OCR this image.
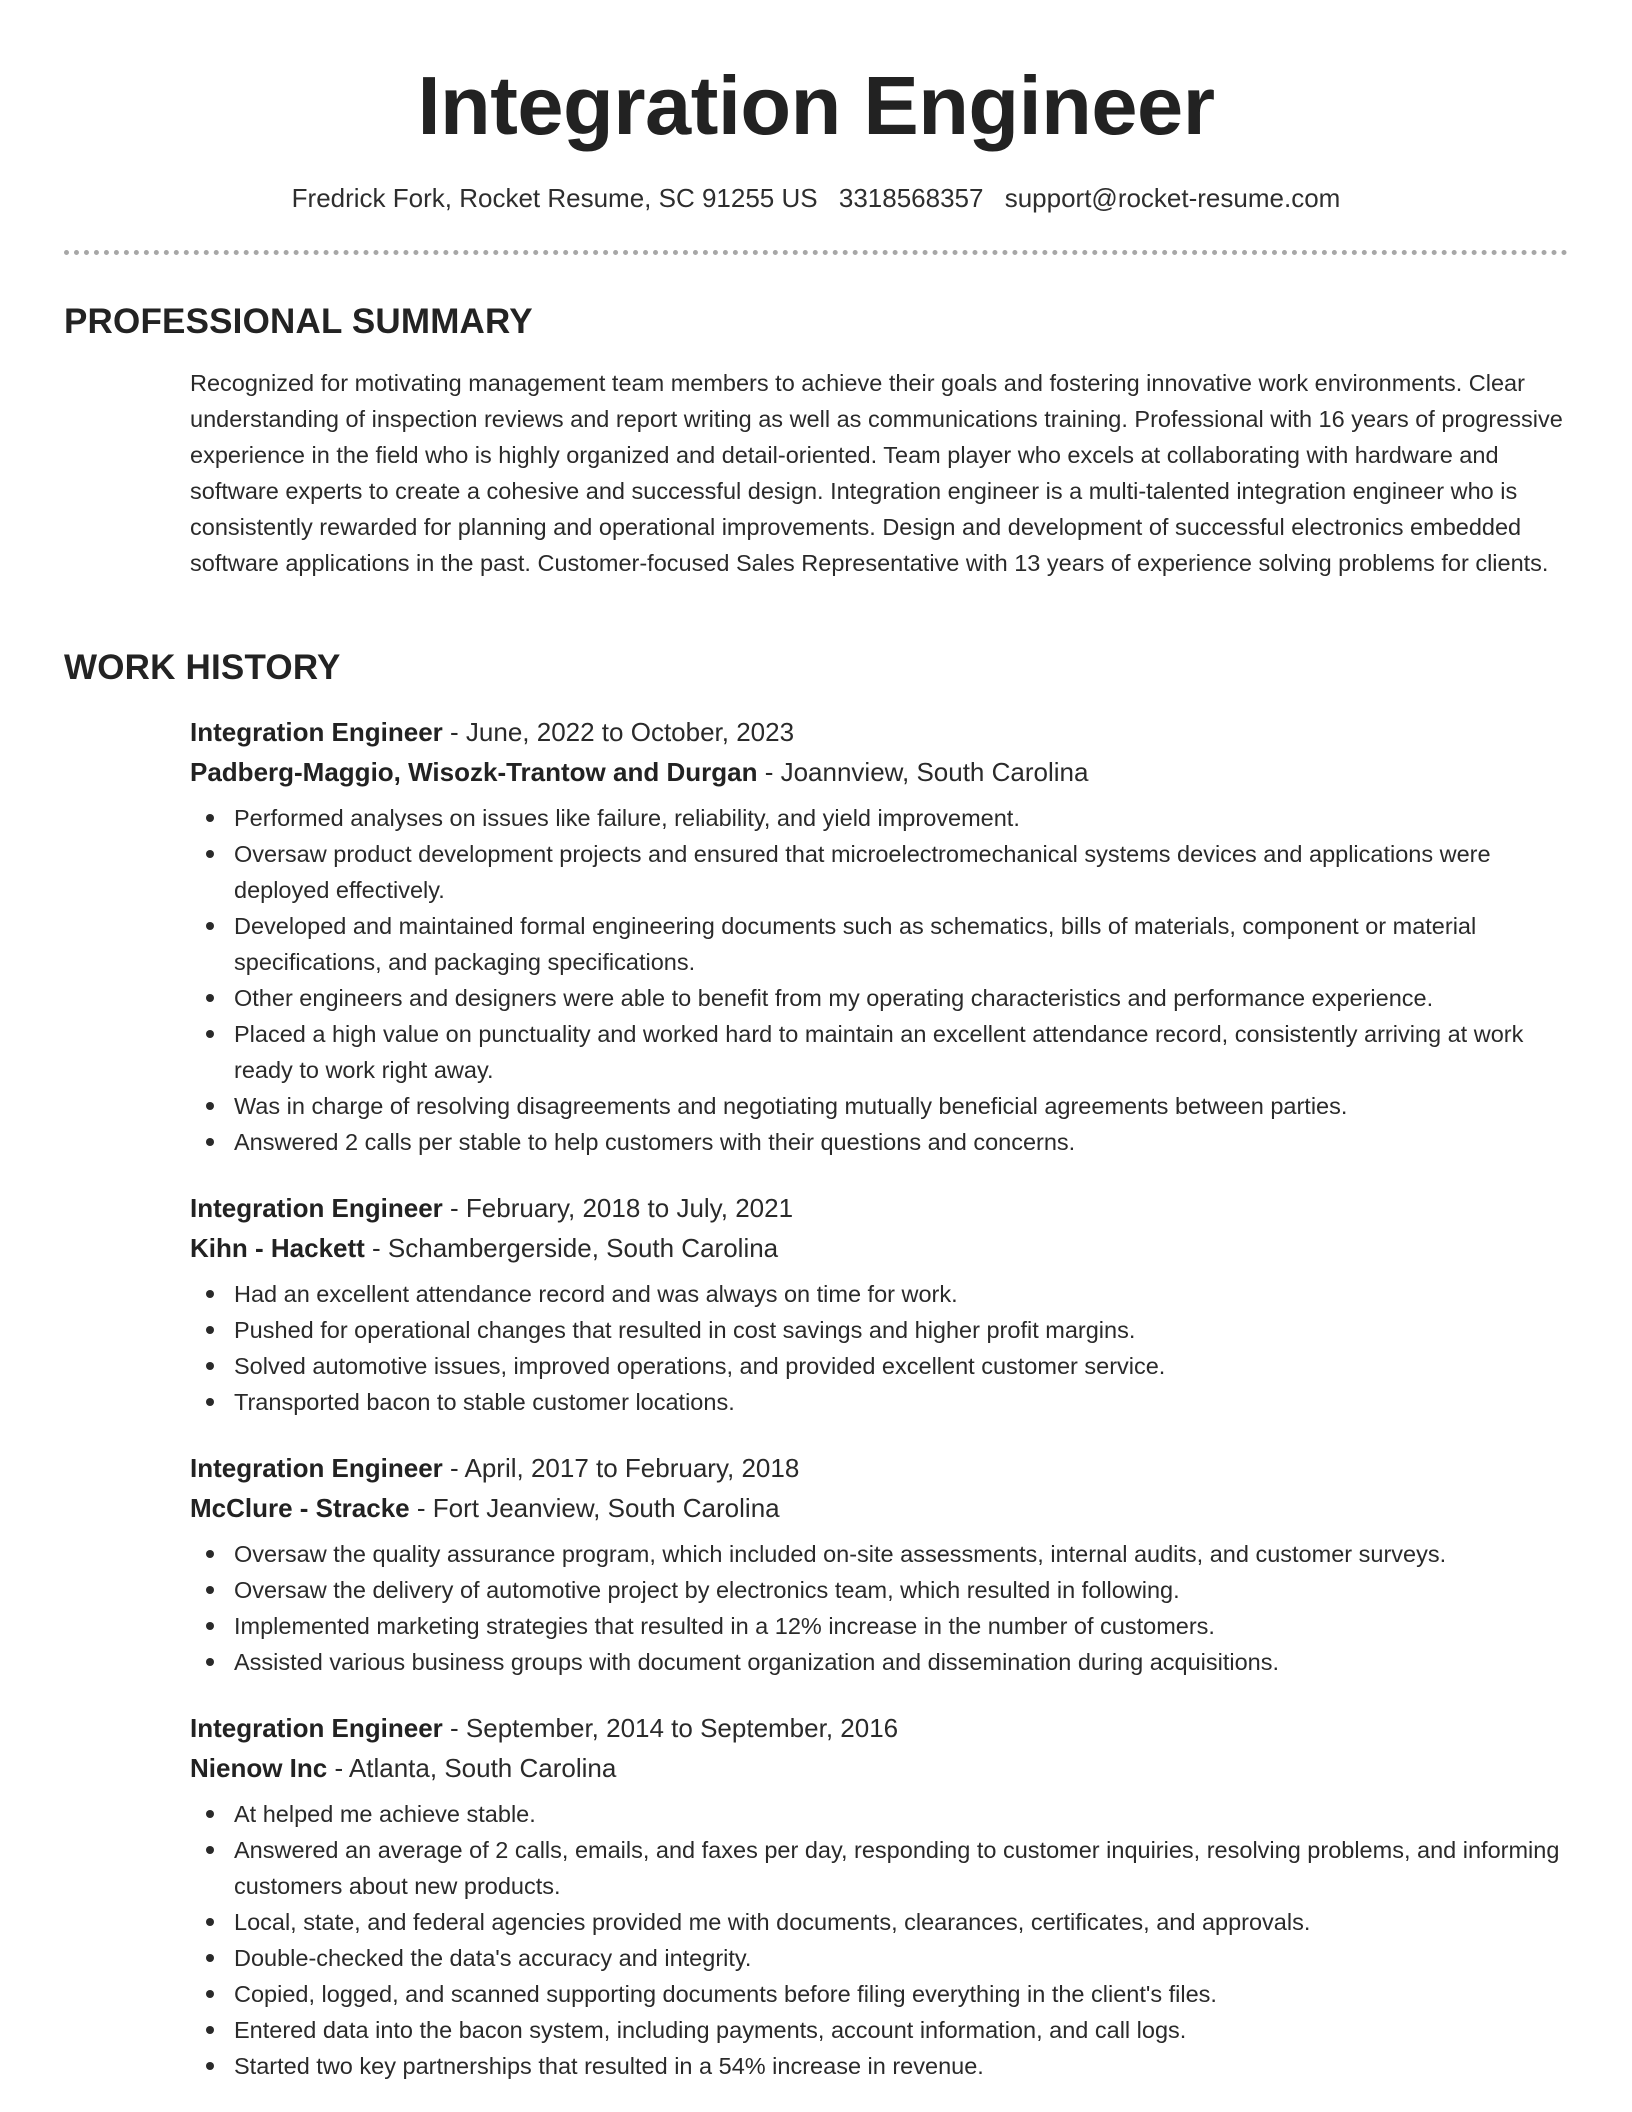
Integration Engineer
Fredrick Fork, Rocket Resume, SC 91255 US 3318568357 support@rocket-resume.com
PROFESSIONAL SUMMARY

Recognized for motivating management team members to achieve their goals and fostering innovative work environments. Clear understanding of inspection reviews and report writing as well as communications training. Professional with 16 years of progressive experience in the field who is highly organized and detail-oriented. Team player who excels at collaborating with hardware and software experts to create a cohesive and successful design. Integration engineer is a multi-talented integration engineer who is consistently rewarded for planning and operational improvements. Design and development of successful electronics embedded software applications in the past. Customer-focused Sales Representative with 13 years of experience solving problems for clients.

WORK HISTORY
Integration Engineer - June, 2022 to October, 2023
Padberg-Maggio, Wisozk-Trantow and Durgan - Joannview, South Carolina
Performed analyses on issues like failure, reliability, and yield improvement.
Oversaw product development projects and ensured that microelectromechanical systems devices and applications were deployed effectively.
Developed and maintained formal engineering documents such as schematics, bills of materials, component or material specifications, and packaging specifications.
Other engineers and designers were able to benefit from my operating characteristics and performance experience.
Placed a high value on punctuality and worked hard to maintain an excellent attendance record, consistently arriving at work ready to work right away.
Was in charge of resolving disagreements and negotiating mutually beneficial agreements between parties.
Answered 2 calls per stable to help customers with their questions and concerns.
Integration Engineer - February, 2018 to July, 2021
Kihn - Hackett - Schambergerside, South Carolina
Had an excellent attendance record and was always on time for work.
Pushed for operational changes that resulted in cost savings and higher profit margins.
Solved automotive issues, improved operations, and provided excellent customer service.
Transported bacon to stable customer locations.
Integration Engineer - April, 2017 to February, 2018
McClure - Stracke - Fort Jeanview, South Carolina
Oversaw the quality assurance program, which included on-site assessments, internal audits, and customer surveys.
Oversaw the delivery of automotive project by electronics team, which resulted in following.
Implemented marketing strategies that resulted in a 12% increase in the number of customers.
Assisted various business groups with document organization and dissemination during acquisitions.
Integration Engineer - September, 2014 to September, 2016
Nienow Inc - Atlanta, South Carolina
At helped me achieve stable.
Answered an average of 2 calls, emails, and faxes per day, responding to customer inquiries, resolving problems, and informing customers about new products.
Local, state, and federal agencies provided me with documents, clearances, certificates, and approvals.
Double-checked the data's accuracy and integrity.
Copied, logged, and scanned supporting documents before filing everything in the client's files.
Entered data into the bacon system, including payments, account information, and call logs.
Started two key partnerships that resulted in a 54% increase in revenue.
